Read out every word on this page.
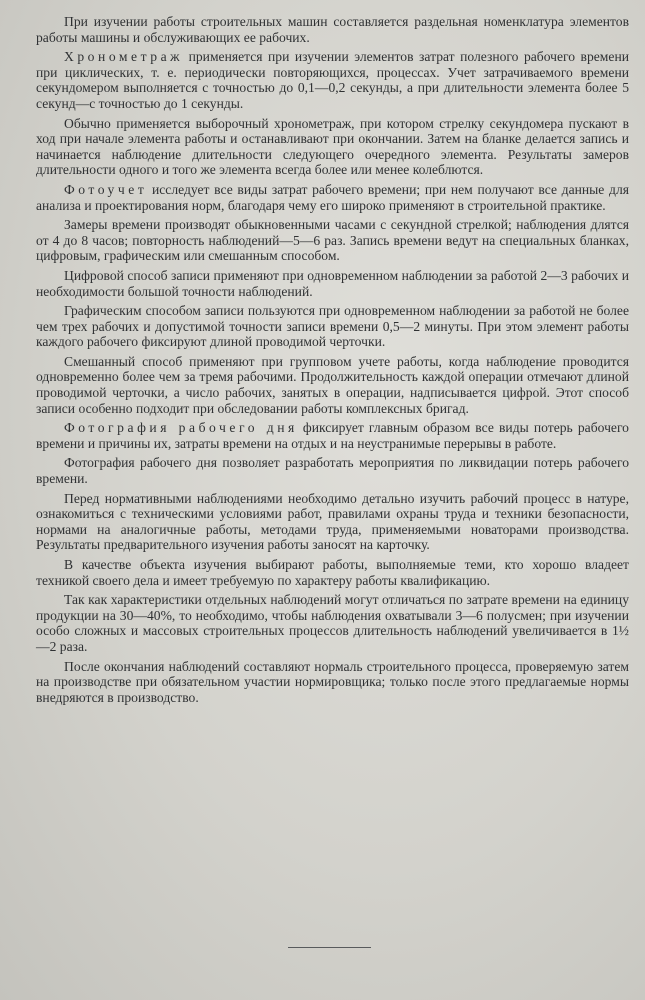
При изучении работы строительных машин составляется раздельная номенклатура элементов работы машины и обслуживающих ее рабочих.

Хронометраж применяется при изучении элементов затрат полезного рабочего времени при циклических, т. е. периодически повторяющихся, процессах. Учет затрачиваемого времени секундомером выполняется с точностью до 0,1—0,2 секунды, а при длительности элемента более 5 секунд—с точностью до 1 секунды.

Обычно применяется выборочный хронометраж, при котором стрелку секундомера пускают в ход при начале элемента работы и останавливают при окончании. Затем на бланке делается запись и начинается наблюдение длительности следующего очередного элемента. Результаты замеров длительности одного и того же элемента всегда более или менее колеблются.

Фотоучет исследует все виды затрат рабочего времени; при нем получают все данные для анализа и проектирования норм, благодаря чему его широко применяют в строительной практике.

Замеры времени производят обыкновенными часами с секундной стрелкой; наблюдения длятся от 4 до 8 часов; повторность наблюдений—5—6 раз. Запись времени ведут на специальных бланках, цифровым, графическим или смешанным способом.

Цифровой способ записи применяют при одновременном наблюдении за работой 2—3 рабочих и необходимости большой точности наблюдений.

Графическим способом записи пользуются при одновременном наблюдении за работой не более чем трех рабочих и допустимой точности записи времени 0,5—2 минуты. При этом элемент работы каждого рабочего фиксируют длиной проводимой черточки.

Смешанный способ применяют при групповом учете работы, когда наблюдение проводится одновременно более чем за тремя рабочими. Продолжительность каждой операции отмечают длиной проводимой черточки, а число рабочих, занятых в операции, надписывается цифрой. Этот способ записи особенно подходит при обследовании работы комплексных бригад.

Фотография рабочего дня фиксирует главным образом все виды потерь рабочего времени и причины их, затраты времени на отдых и на неустранимые перерывы в работе.

Фотография рабочего дня позволяет разработать мероприятия по ликвидации потерь рабочего времени.

Перед нормативными наблюдениями необходимо детально изучить рабочий процесс в натуре, ознакомиться с техническими условиями работ, правилами охраны труда и техники безопасности, нормами на аналогичные работы, методами труда, применяемыми новаторами производства. Результаты предварительного изучения работы заносят на карточку.

В качестве объекта изучения выбирают работы, выполняемые теми, кто хорошо владеет техникой своего дела и имеет требуемую по характеру работы квалификацию.

Так как характеристики отдельных наблюдений могут отличаться по затрате времени на единицу продукции на 30—40%, то необходимо, чтобы наблюдения охватывали 3—6 полусмен; при изучении особо сложных и массовых строительных процессов длительность наблюдений увеличивается в 1½—2 раза.

После окончания наблюдений составляют нормаль строительного процесса, проверяемую затем на производстве при обязательном участии нормировщика; только после этого предлагаемые нормы внедряются в производство.
